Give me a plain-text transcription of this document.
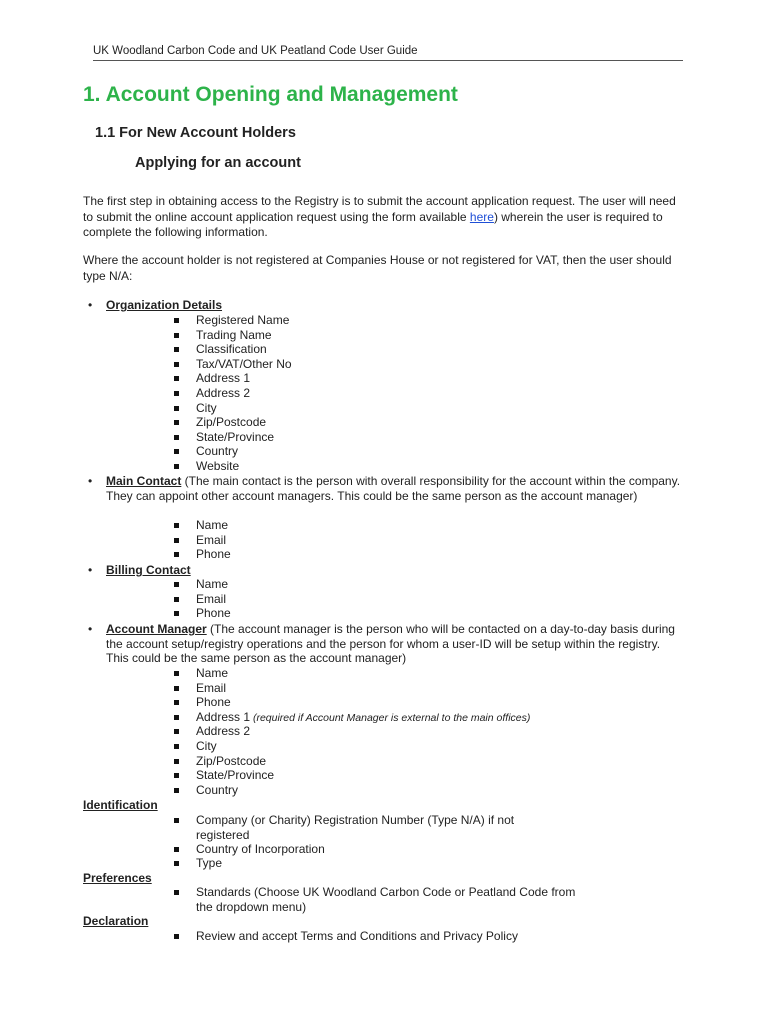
UK Woodland Carbon Code and UK Peatland Code User Guide
1. Account Opening and Management
1.1 For New Account Holders
Applying for an account

The first step in obtaining access to the Registry is to submit the account application request. The user will need to submit the online account application request using the form available here) wherein the user is required to complete the following information.

Where the account holder is not registered at Companies House or not registered for VAT, then the user should type N/A:

• Organization Details
Registered Name
Trading Name
Classification
Tax/VAT/Other No
Address 1
Address 2
City
Zip/Postcode
State/Province
Country
Website
• Main Contact (The main contact is the person with overall responsibility for the account within the company. They can appoint other account managers. This could be the same person as the account manager)
Name
Email
Phone
• Billing Contact
Name
Email
Phone
• Account Manager (The account manager is the person who will be contacted on a day-to-day basis during the account setup/registry operations and the person for whom a user-ID will be setup within the registry. This could be the same person as the account manager)
Name
Email
Phone
Address 1 (required if Account Manager is external to the main offices)
Address 2
City
Zip/Postcode
State/Province
Country
Identification
Company (or Charity) Registration Number (Type N/A) if not registered
Country of Incorporation
Type
Preferences
Standards (Choose UK Woodland Carbon Code or Peatland Code from the dropdown menu)
Declaration
Review and accept Terms and Conditions and Privacy Policy
